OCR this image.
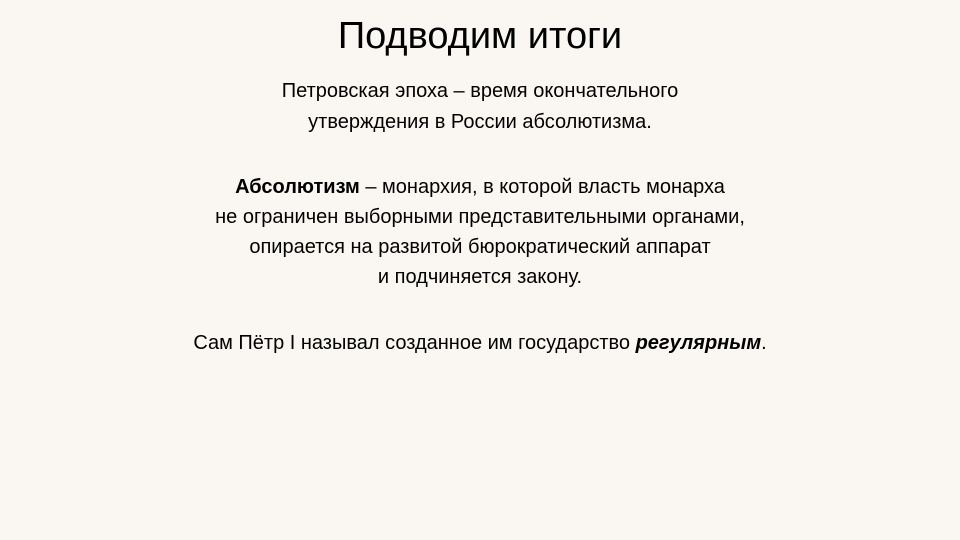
Подводим итоги
Петровская эпоха – время окончательного
утверждения в России абсолютизма.
Абсолютизм – монархия, в которой власть монарха
не ограничен выборными представительными органами,
опирается на развитой бюрократический аппарат
и подчиняется закону.
Сам Пётр I называл созданное им государство регулярным.
